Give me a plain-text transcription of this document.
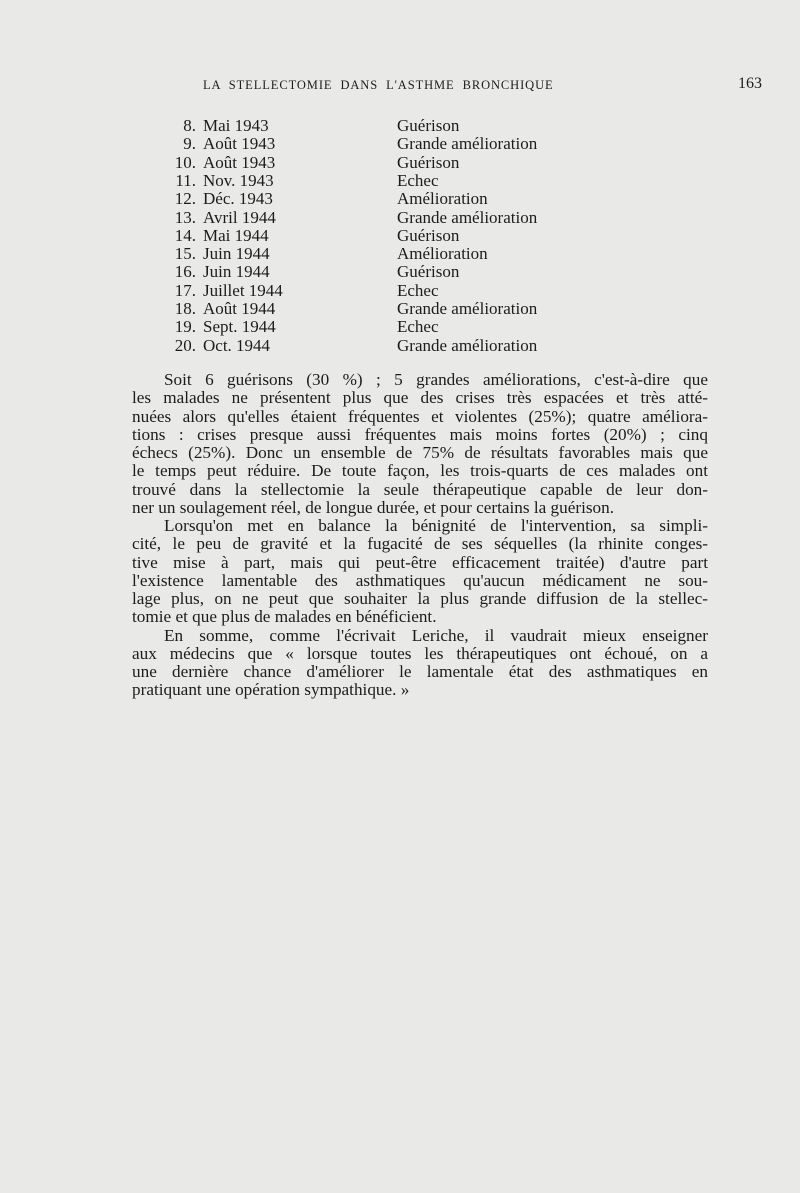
LA STELLECTOMIE DANS L'ASTHME BRONCHIQUE	163
8. Mai 1943	Guérison
9. Août 1943	Grande amélioration
10. Août 1943	Guérison
11. Nov. 1943	Echec
12. Déc. 1943	Amélioration
13. Avril 1944	Grande amélioration
14. Mai 1944	Guérison
15. Juin 1944	Amélioration
16. Juin 1944	Guérison
17. Juillet 1944	Echec
18. Août 1944	Grande amélioration
19. Sept. 1944	Echec
20. Oct. 1944	Grande amélioration
Soit 6 guérisons (30 %) ; 5 grandes améliorations, c'est-à-dire que
les malades ne présentent plus que des crises très espacées et très atté-
nuées alors qu'elles étaient fréquentes et violentes (25%); quatre améliora-
tions : crises presque aussi fréquentes mais moins fortes (20%) ; cinq
échecs (25%). Donc un ensemble de 75% de résultats favorables mais que
le temps peut réduire. De toute façon, les trois-quarts de ces malades ont
trouvé dans la stellectomie la seule thérapeutique capable de leur don-
ner un soulagement réel, de longue durée, et pour certains la guérison.
Lorsqu'on met en balance la bénignité de l'intervention, sa simpli-
cité, le peu de gravité et la fugacité de ses séquelles (la rhinite conges-
tive mise à part, mais qui peut-être efficacement traitée) d'autre part
l'existence lamentable des asthmatiques qu'aucun médicament ne sou-
lage plus, on ne peut que souhaiter la plus grande diffusion de la stellec-
tomie et que plus de malades en bénéficient.
En somme, comme l'écrivait Leriche, il vaudrait mieux enseigner
aux médecins que « lorsque toutes les thérapeutiques ont échoué, on a
une dernière chance d'améliorer le lamentale état des asthmatiques en
pratiquant une opération sympathique. »
